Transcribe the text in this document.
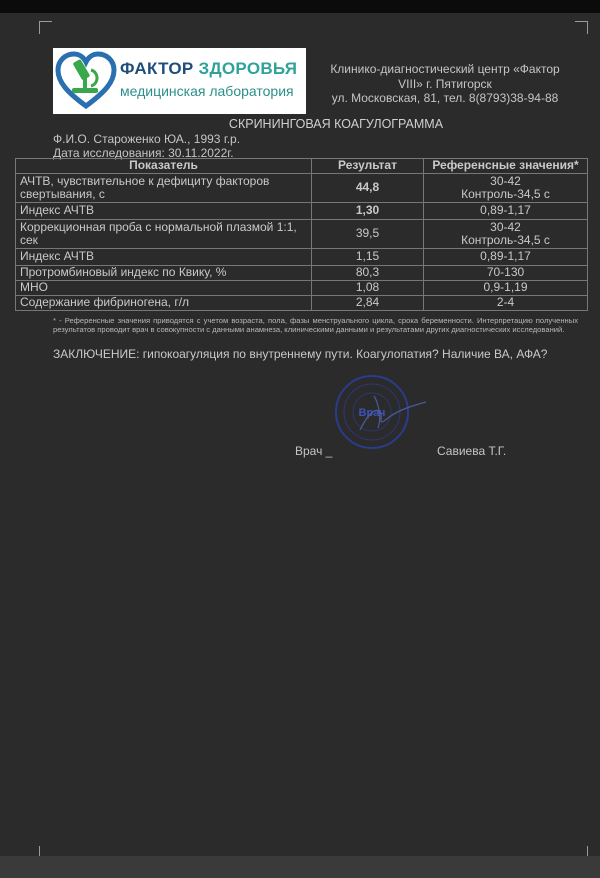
ФАКТОР ЗДОРОВЬЯ
медицинская лаборатория
Клинико-диагностический центр «Фактор
VIII» г. Пятигорск
ул. Московская, 81, тел. 8(8793)38-94-88
СКРИНИНГОВАЯ КОАГУЛОГРАММА
Ф.И.О. Староженко ЮА., 1993 г.р.
Дата исследования: 30.11.2022г.
Показатель	Результат	Референсные значения*
АЧТВ, чувствительное к дефициту факторов свертывания, с	44,8	30-42
Контроль-34,5 с

Индекс АЧТВ	1,30	0,89-1,17
Коррекционная проба с нормальной плазмой 1:1, сек	39,5	30-42
Контроль-34,5 с

Индекс АЧТВ	1,15	0,89-1,17
Протромбиновый индекс по Квику, %	80,3	70-130
МНО	1,08	0,9-1,19
Содержание фибриногена, г/л	2,84	2-4
* - Референсные значения приводятся с учетом возраста, пола, фазы менструального цикла, срока беременности. Интерпретацию полученных результатов проводит врач в совокупности с данными анамнеза, клиническими данными и результатами других диагностических исследований.
ЗАКЛЮЧЕНИЕ: гипокоагуляция по внутреннему пути. Коагулопатия? Наличие ВА, АФА?
Врач
Врач _	Савиева Т.Г.
